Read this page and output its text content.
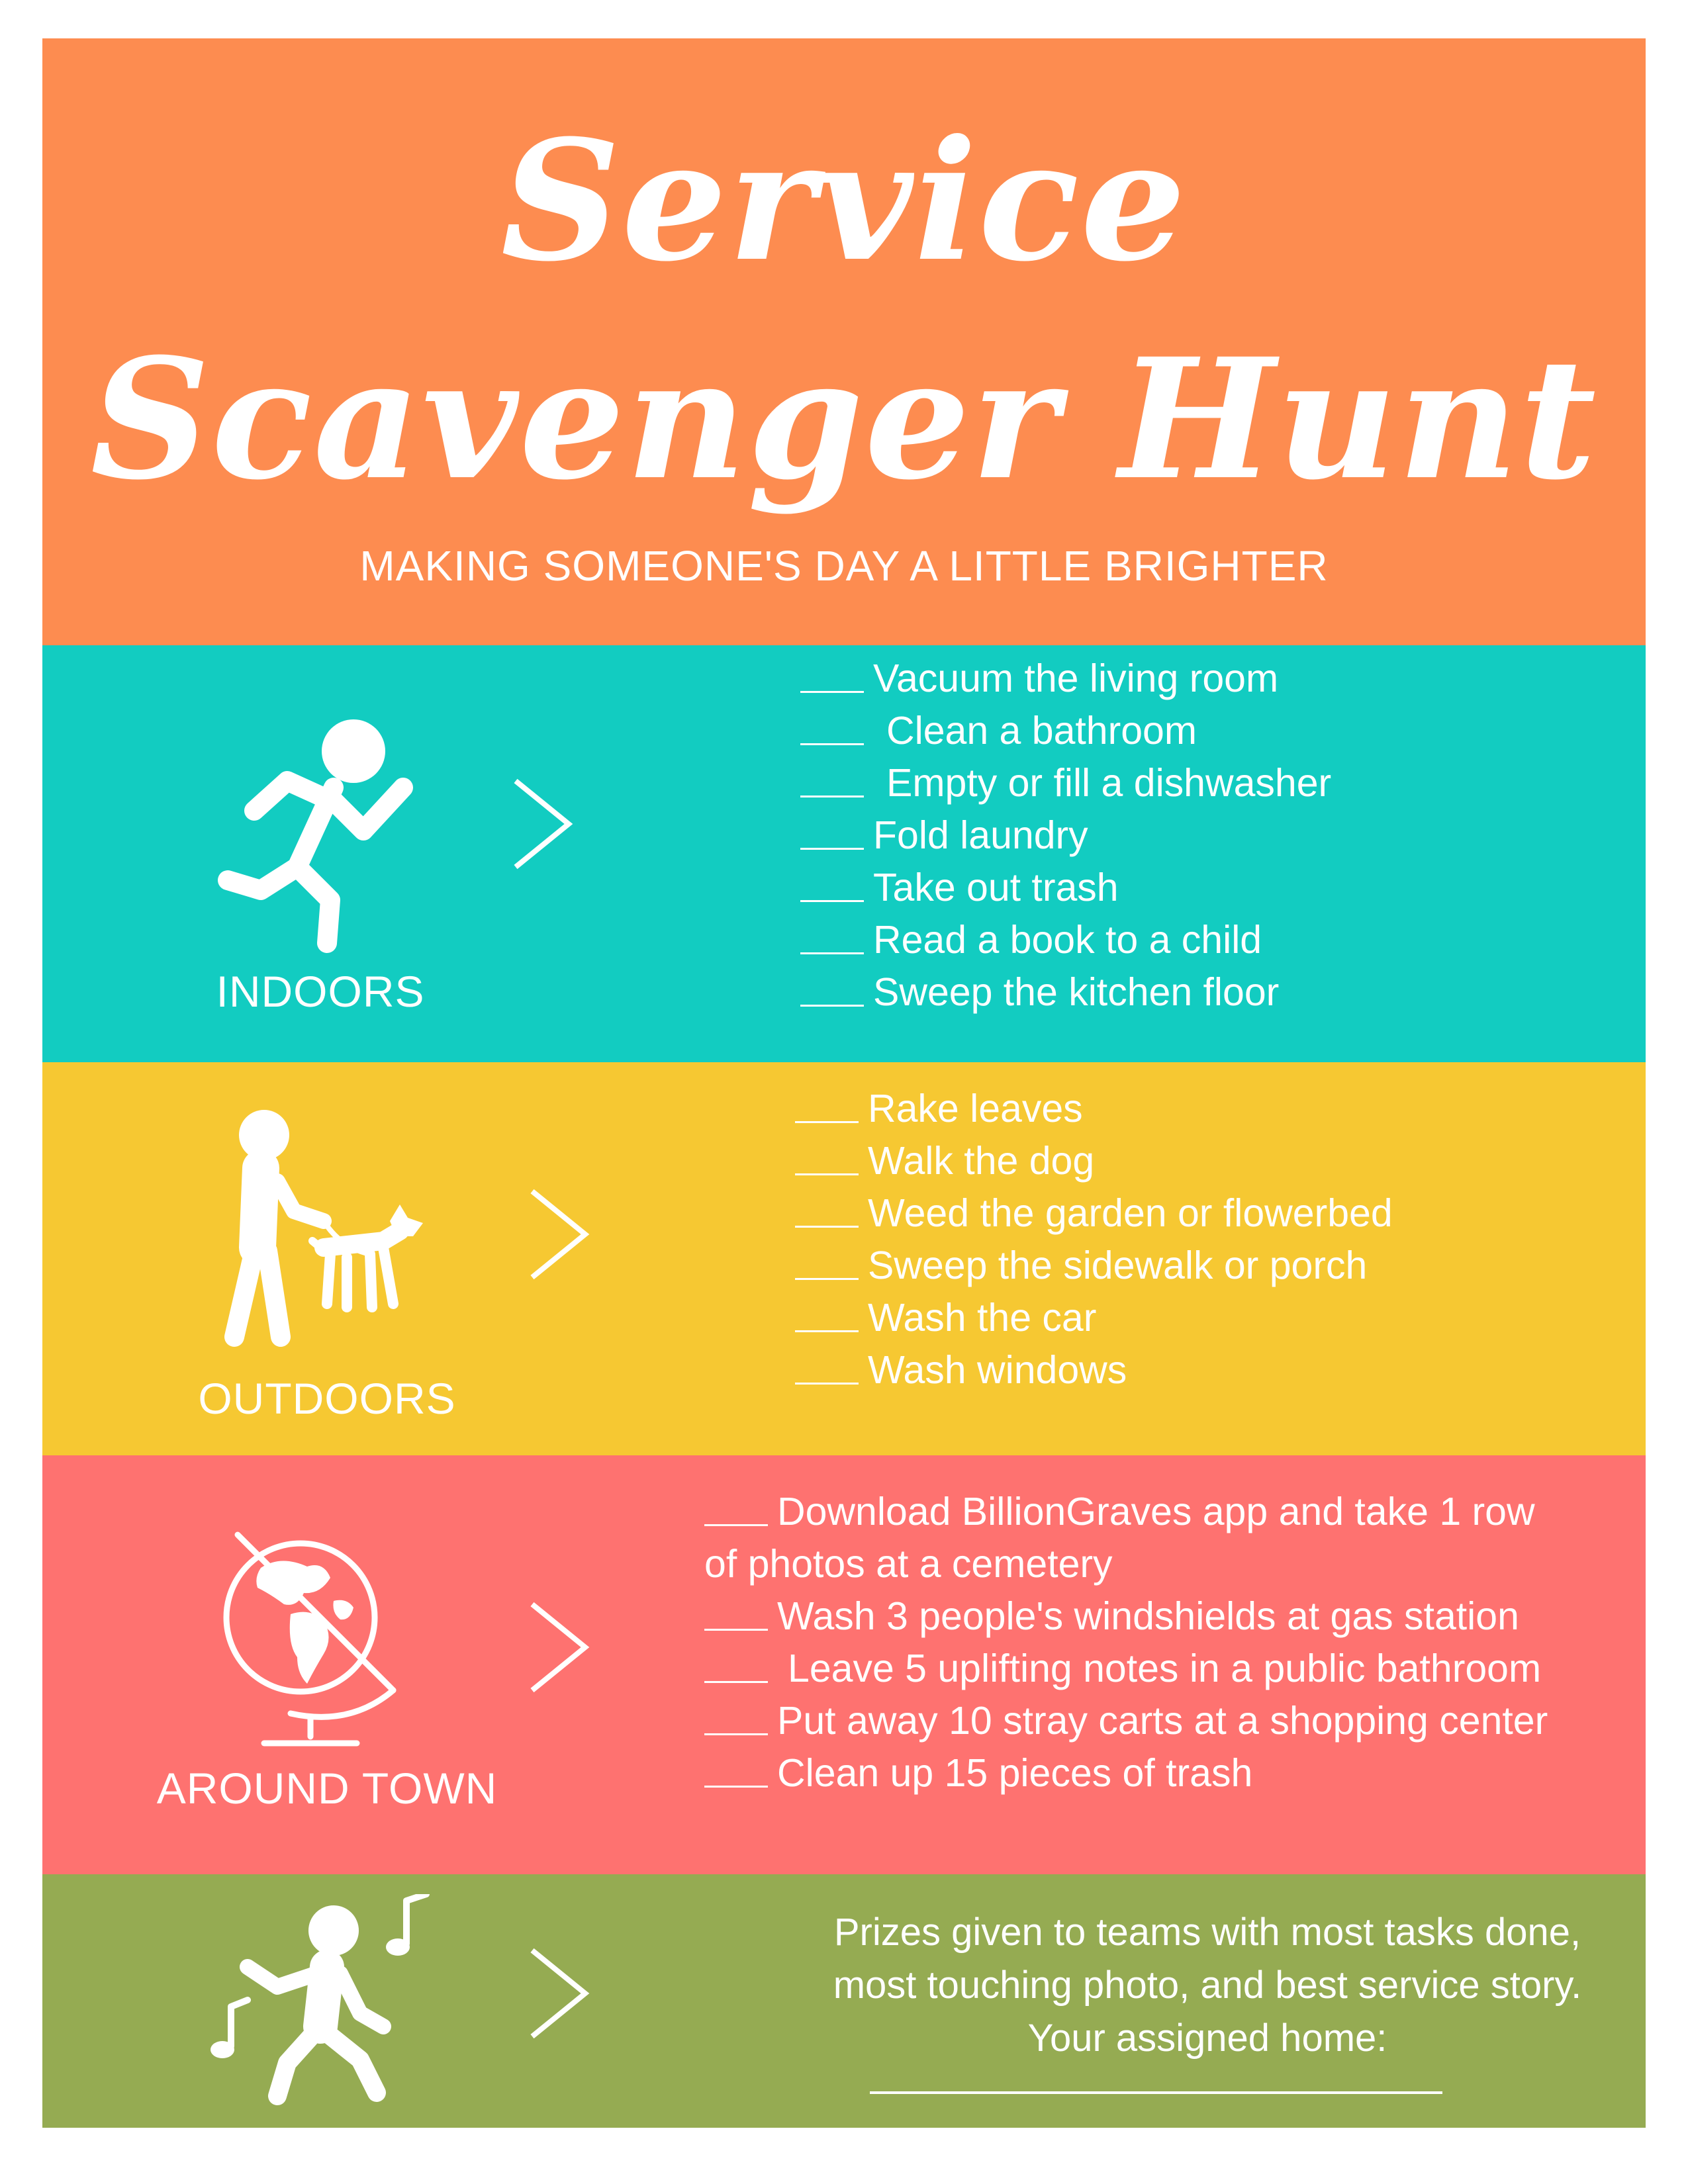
Service
Scavenger Hunt
MAKING SOMEONE'S DAY A LITTLE BRIGHTER
INDOORS
Vacuum the living room
Clean a bathroom
Empty or fill a dishwasher
Fold laundry
Take out trash
Read a book to a child
Sweep the kitchen floor
OUTDOORS
Rake leaves
Walk the dog
Weed the garden or flowerbed
Sweep the sidewalk or porch
Wash the car
Wash windows
AROUND TOWN
Download BillionGraves app and take 1 row
of photos at a cemetery
Wash 3 people's windshields at gas station
Leave 5 uplifting notes in a public bathroom
Put away 10 stray carts at a shopping center
Clean up 15 pieces of trash
Prizes given to teams with most tasks done,
most touching photo, and best service story.
Your assigned home:
